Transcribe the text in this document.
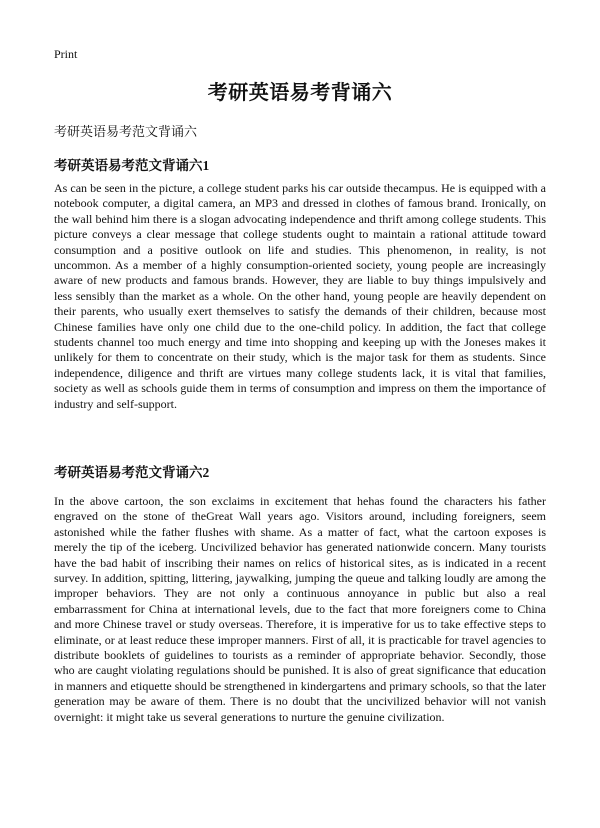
Print
考研英语易考背诵六
考研英语易考范文背诵六
考研英语易考范文背诵六1

As can be seen in the picture, a college student parks his car outside thecampus. He is equipped with a notebook computer, a digital camera, an MP3 and dressed in clothes of famous brand. Ironically, on the wall behind him there is a slogan advocating independence and thrift among college students. This picture conveys a clear message that college students ought to maintain a rational attitude toward consumption and a positive outlook on life and studies. This phenomenon, in reality, is not uncommon. As a member of a highly consumption-oriented society, young people are increasingly aware of new products and famous brands. However, they are liable to buy things impulsively and less sensibly than the market as a whole. On the other hand, young people are heavily dependent on their parents, who usually exert themselves to satisfy the demands of their children, because most Chinese families have only one child due to the one-child policy. In addition, the fact that college students channel too much energy and time into shopping and keeping up with the Joneses makes it unlikely for them to concentrate on their study, which is the major task for them as students. Since independence, diligence and thrift are virtues many college students lack, it is vital that families, society as well as schools guide them in terms of consumption and impress on them the importance of industry and self-support.

考研英语易考范文背诵六2

In the above cartoon, the son exclaims in excitement that hehas found the characters his father engraved on the stone of theGreat Wall years ago. Visitors around, including foreigners, seem astonished while the father flushes with shame. As a matter of fact, what the cartoon exposes is merely the tip of the iceberg. Uncivilized behavior has generated nationwide concern. Many tourists have the bad habit of inscribing their names on relics of historical sites, as is indicated in a recent survey. In addition, spitting, littering, jaywalking, jumping the queue and talking loudly are among the improper behaviors. They are not only a continuous annoyance in public but also a real embarrassment for China at international levels, due to the fact that more foreigners come to China and more Chinese travel or study overseas. Therefore, it is imperative for us to take effective steps to eliminate, or at least reduce these improper manners. First of all, it is practicable for travel agencies to distribute booklets of guidelines to tourists as a reminder of appropriate behavior. Secondly, those who are caught violating regulations should be punished. It is also of great significance that education in manners and etiquette should be strengthened in kindergartens and primary schools, so that the later generation may be aware of them. There is no doubt that the uncivilized behavior will not vanish overnight: it might take us several generations to nurture the genuine civilization.
